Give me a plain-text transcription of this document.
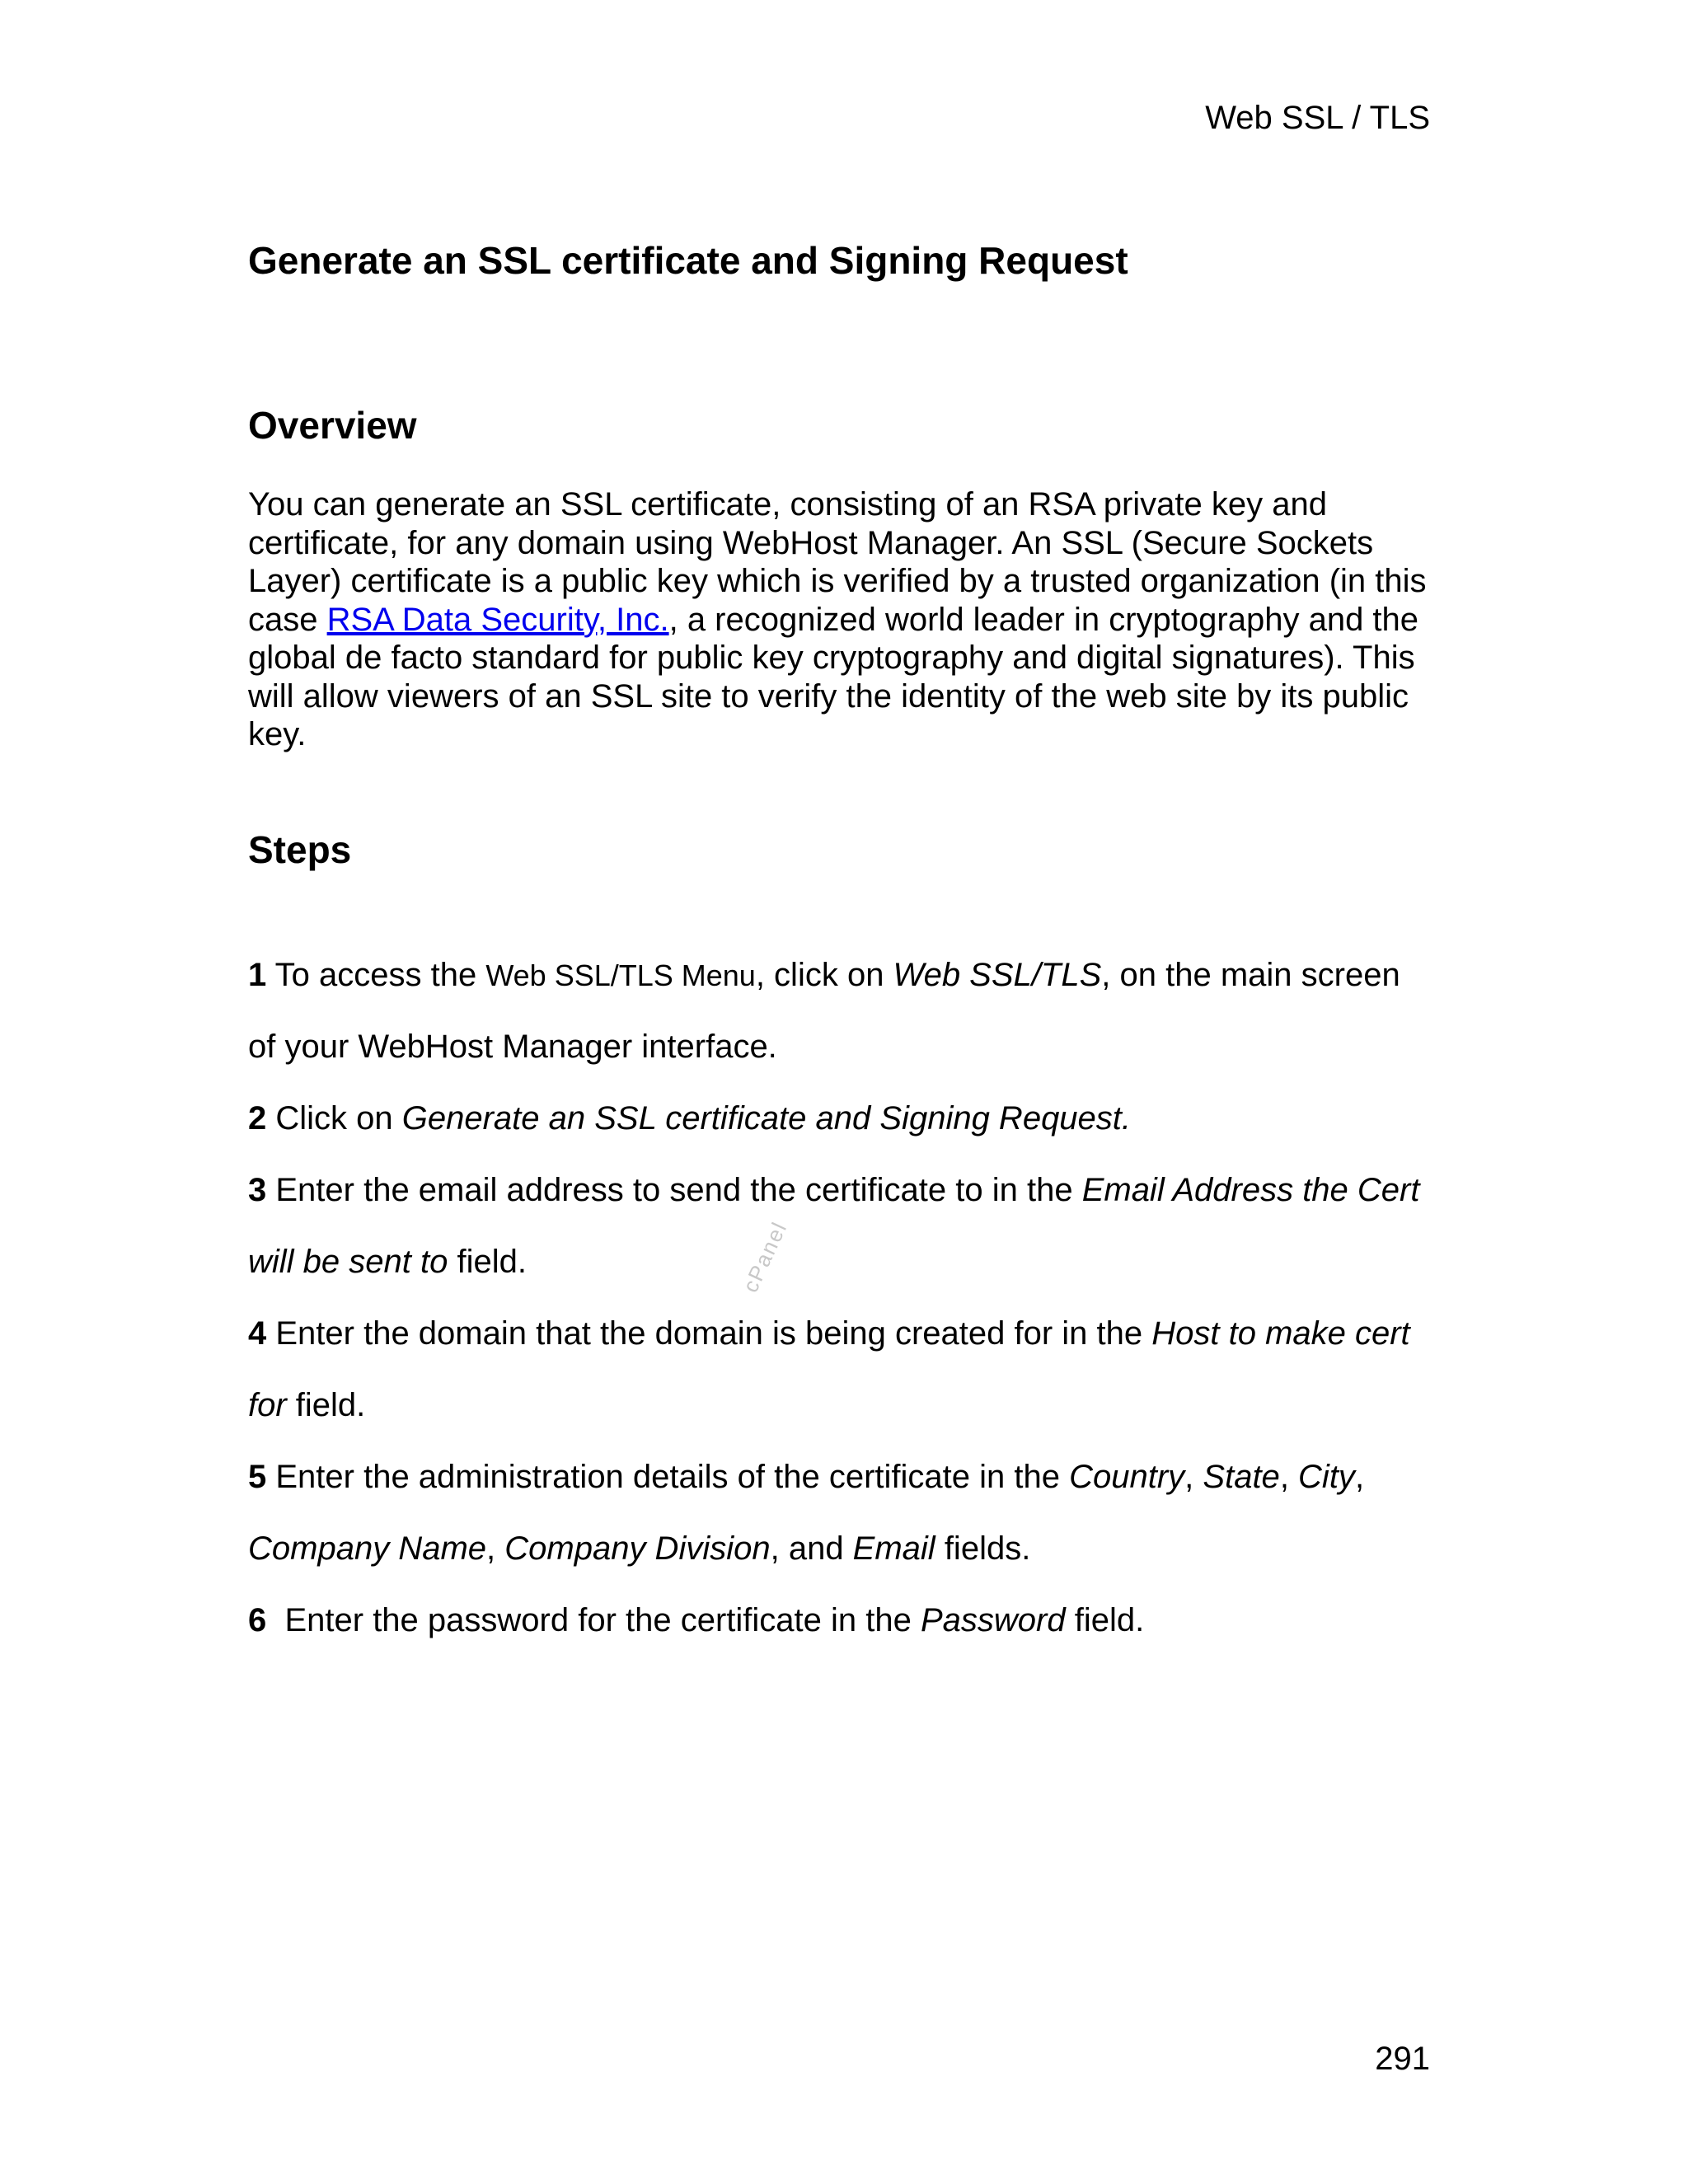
Web SSL / TLS
Generate an SSL certificate and Signing Request
Overview

You can generate an SSL certificate, consisting of an RSA private key and
certificate, for any domain using WebHost Manager. An SSL (Secure Sockets
Layer) certificate is a public key which is verified by a trusted organization (in this
case RSA Data Security, Inc., a recognized world leader in cryptography and the
global de facto standard for public key cryptography and digital signatures). This
will allow viewers of an SSL site to verify the identity of the web site by its public
key.

Steps
1 To access the Web SSL/TLS Menu, click on Web SSL/TLS, on the main screen
of your WebHost Manager interface.
2 Click on Generate an SSL certificate and Signing Request.
3 Enter the email address to send the certificate to in the Email Address the Cert
will be sent to field.
4 Enter the domain that the domain is being created for in the Host to make cert
for field.
5 Enter the administration details of the certificate in the Country, State, City,
Company Name, Company Division, and Email fields.
6  Enter the password for the certificate in the Password field.
cPanel
291
